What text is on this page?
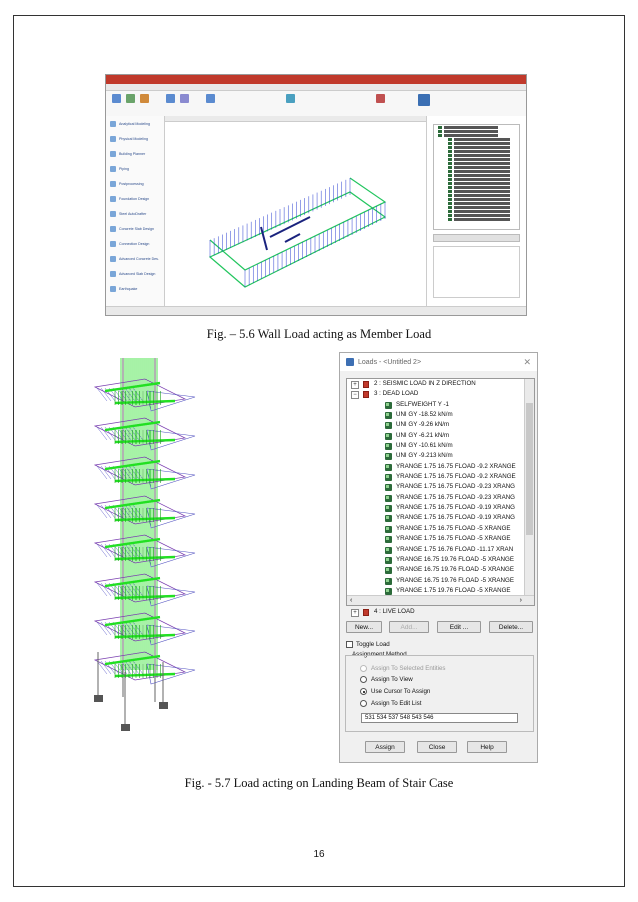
Analytical Modeling
Physical Modeling
Building Planner
Piping
Postprocessing
Foundation Design
Steel AutoDrafter
Concrete Slab Design
Connection Design
Advanced Concrete Des.
Advanced Slab Design
Earthquake
Fig. – 5.6 Wall Load acting as Member Load
Loads - <Untitled 2>	✕
+	2 : SEISMIC LOAD IN Z DIRECTION
−	3 : DEAD LOAD
SELFWEIGHT Y -1
UNI GY -18.52 kN/m
UNI GY -9.26 kN/m
UNI GY -6.21 kN/m
UNI GY -10.61 kN/m
UNI GY -9.213 kN/m
YRANGE 1.75 16.75 FLOAD -9.2 XRANGE
YRANGE 1.75 16.75 FLOAD -9.2 XRANGE
YRANGE 1.75 16.75 FLOAD -9.23 XRANG
YRANGE 1.75 16.75 FLOAD -9.23 XRANG
YRANGE 1.75 16.75 FLOAD -9.19 XRANG
YRANGE 1.75 16.75 FLOAD -9.19 XRANG
YRANGE 1.75 16.75 FLOAD -5 XRANGE
YRANGE 1.75 16.75 FLOAD -5 XRANGE
YRANGE 1.75 16.76 FLOAD -11.17 XRAN
YRANGE 16.75 19.76 FLOAD -5 XRANGE
YRANGE 16.75 19.76 FLOAD -5 XRANGE
YRANGE 16.75 19.76 FLOAD -5 XRANGE
YRANGE 1.75 19.76 FLOAD -5 XRANGE
+	4 : LIVE LOAD
‹	›
New...	Add...	Edit ...	Delete...
Toggle Load
Assignment Method
Assign To Selected Entities
Assign To View
Use Cursor To Assign
Assign To Edit List
531 534 537 548 543 546
Assign	Close	Help
Fig. - 5.7 Load acting on Landing Beam of Stair Case
16
